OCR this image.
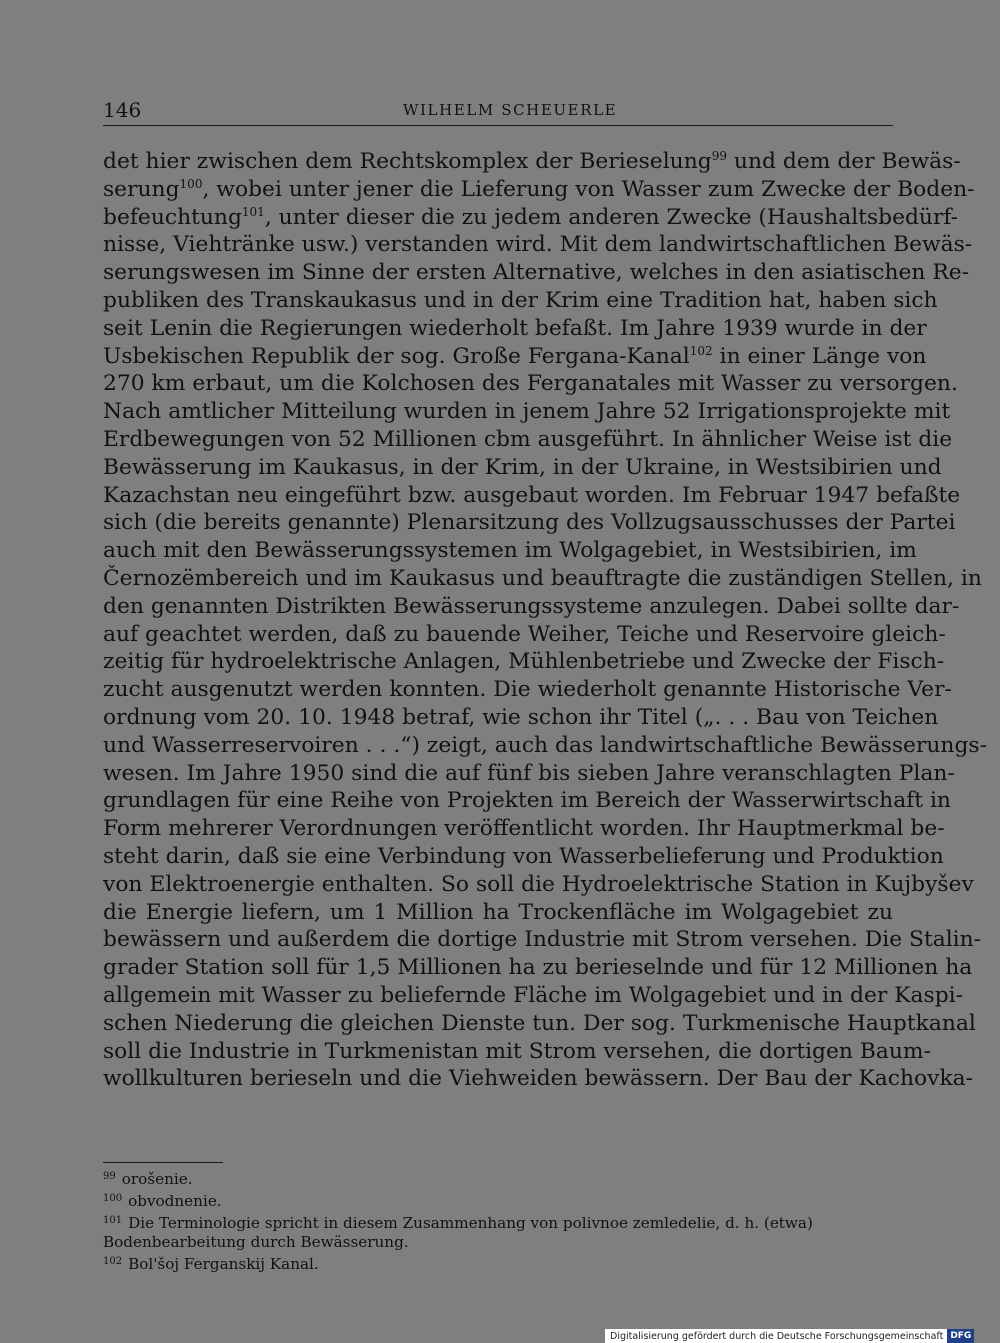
146	WILHELM SCHEUERLE
det hier zwischen dem Rechtskomplex der Berieselung$^{99}$ und dem der Bewäs-
serung$^{100}$, wobei unter jener die Lieferung von Wasser zum Zwecke der Boden-
befeuchtung$^{101}$, unter dieser die zu jedem anderen Zwecke (Haushaltsbedürf-
nisse, Viehtränke usw.) verstanden wird. Mit dem landwirtschaftlichen Bewäs-
serungswesen im Sinne der ersten Alternative, welches in den asiatischen Re-
publiken des Transkaukasus und in der Krim eine Tradition hat, haben sich
seit Lenin die Regierungen wiederholt befaßt. Im Jahre 1939 wurde in der
Usbekischen Republik der sog. Große Fergana-Kanal$^{102}$ in einer Länge von
270 km erbaut, um die Kolchosen des Ferganatales mit Wasser zu versorgen.
Nach amtlicher Mitteilung wurden in jenem Jahre 52 Irrigationsprojekte mit
Erdbewegungen von 52 Millionen cbm ausgeführt. In ähnlicher Weise ist die
Bewässerung im Kaukasus, in der Krim, in der Ukraine, in Westsibirien und
Kazachstan neu eingeführt bzw. ausgebaut worden. Im Februar 1947 befaßte
sich (die bereits genannte) Plenarsitzung des Vollzugsausschusses der Partei
auch mit den Bewässerungssystemen im Wolgagebiet, in Westsibirien, im
Černozëmbereich und im Kaukasus und beauftragte die zuständigen Stellen, in
den genannten Distrikten Bewässerungssysteme anzulegen. Dabei sollte dar-
auf geachtet werden, daß zu bauende Weiher, Teiche und Reservoire gleich-
zeitig für hydroelektrische Anlagen, Mühlenbetriebe und Zwecke der Fisch-
zucht ausgenutzt werden konnten. Die wiederholt genannte Historische Ver-
ordnung vom 20. 10. 1948 betraf, wie schon ihr Titel („. . . Bau von Teichen
und Wasserreservoiren . . .“) zeigt, auch das landwirtschaftliche Bewässerungs-
wesen. Im Jahre 1950 sind die auf fünf bis sieben Jahre veranschlagten Plan-
grundlagen für eine Reihe von Projekten im Bereich der Wasserwirtschaft in
Form mehrerer Verordnungen veröffentlicht worden. Ihr Hauptmerkmal be-
steht darin, daß sie eine Verbindung von Wasserbelieferung und Produktion
von Elektroenergie enthalten. So soll die Hydroelektrische Station in Kujbyšev
die Energie liefern, um 1 Million ha Trockenfläche im Wolgagebiet zu
bewässern und außerdem die dortige Industrie mit Strom versehen. Die Stalin-
grader Station soll für 1,5 Millionen ha zu berieselnde und für 12 Millionen ha
allgemein mit Wasser zu beliefernde Fläche im Wolgagebiet und in der Kaspi-
schen Niederung die gleichen Dienste tun. Der sog. Turkmenische Hauptkanal
soll die Industrie in Turkmenistan mit Strom versehen, die dortigen Baum-
wollkulturen berieseln und die Viehweiden bewässern. Der Bau der Kachovka-
$^{99}$ orošenie.
$^{100}$ obvodnenie.
$^{101}$ Die Terminologie spricht in diesem Zusammenhang von polivnoe zemledelie, d. h. (etwa)
Bodenbearbeitung durch Bewässerung.
$^{102}$ Bol'šoj Ferganskij Kanal.
Digitalisierung gefördert durch die Deutsche Forschungsgemeinschaft DFG
